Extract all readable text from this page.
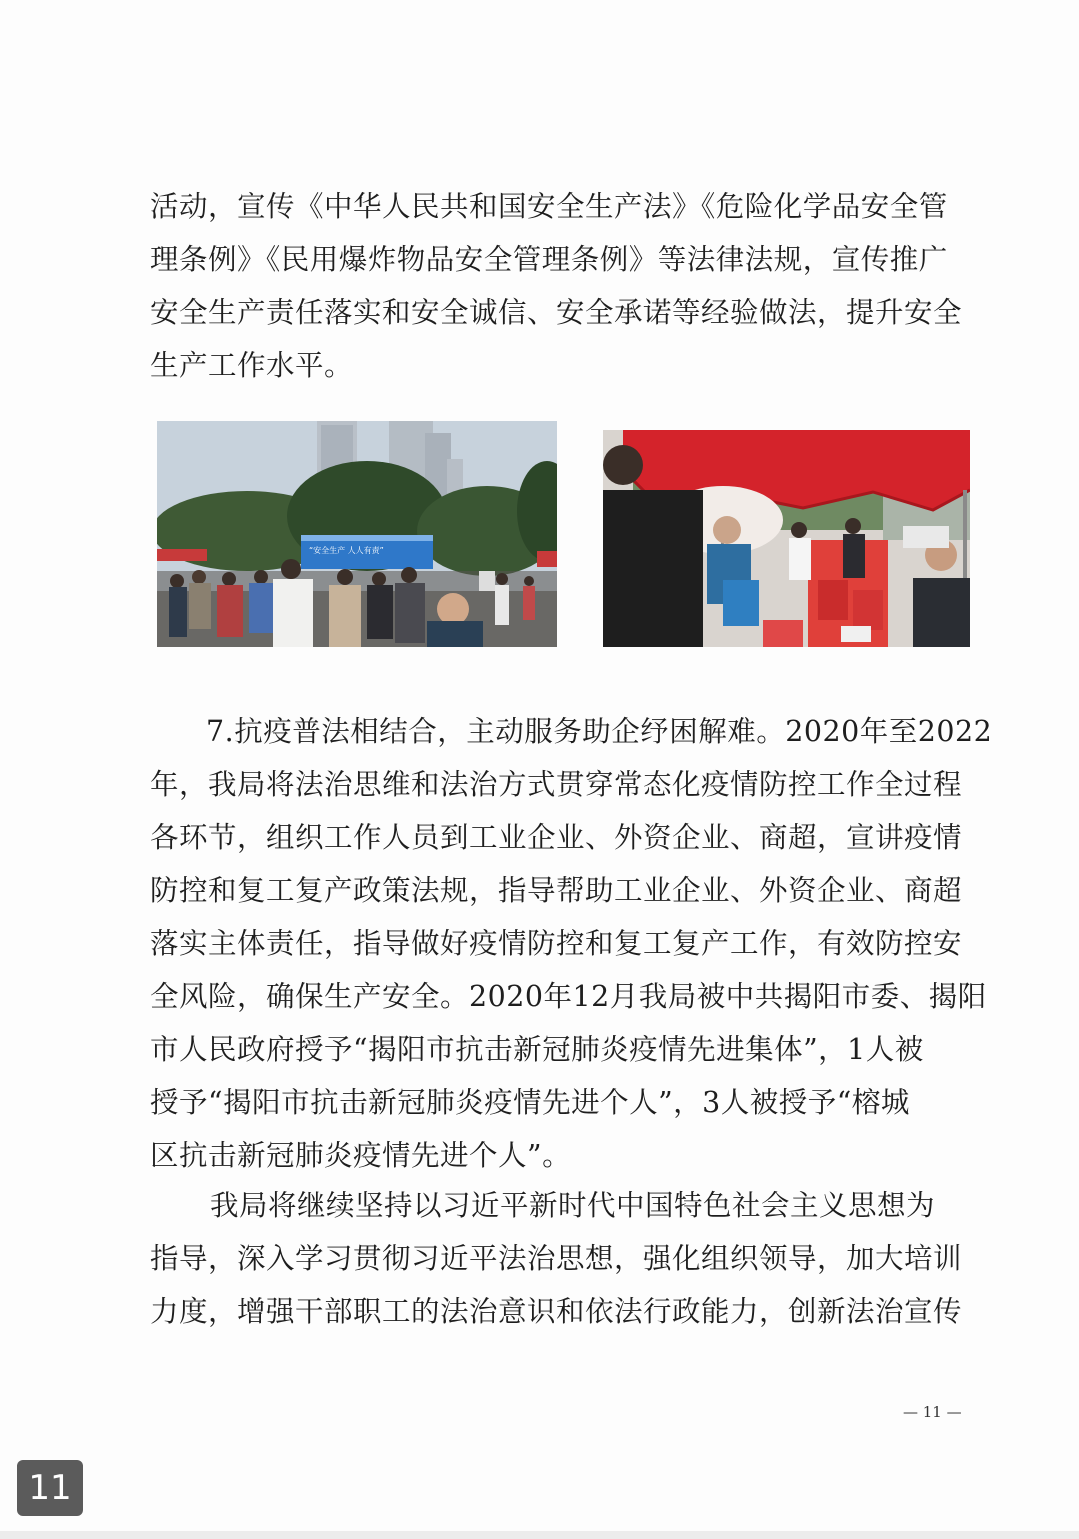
活动，宣传《中华人民共和国安全生产法》《危险化学品安全管
理条例》《民用爆炸物品安全管理条例》等法律法规，宣传推广
安全生产责任落实和安全诚信、安全承诺等经验做法，提升安全
生产工作水平。
“安全生产 人人有责”
7.抗疫普法相结合，主动服务助企纾困解难。2020年至2022
年，我局将法治思维和法治方式贯穿常态化疫情防控工作全过程
各环节，组织工作人员到工业企业、外资企业、商超，宣讲疫情
防控和复工复产政策法规，指导帮助工业企业、外资企业、商超
落实主体责任，指导做好疫情防控和复工复产工作，有效防控安
全风险，确保生产安全。2020年12月我局被中共揭阳市委、揭阳
市人民政府授予“揭阳市抗击新冠肺炎疫情先进集体”，1人被
授予“揭阳市抗击新冠肺炎疫情先进个人”，3人被授予“榕城
区抗击新冠肺炎疫情先进个人”。
我局将继续坚持以习近平新时代中国特色社会主义思想为
指导，深入学习贯彻习近平法治思想，强化组织领导，加大培训
力度，增强干部职工的法治意识和依法行政能力，创新法治宣传
— 11 —
11
